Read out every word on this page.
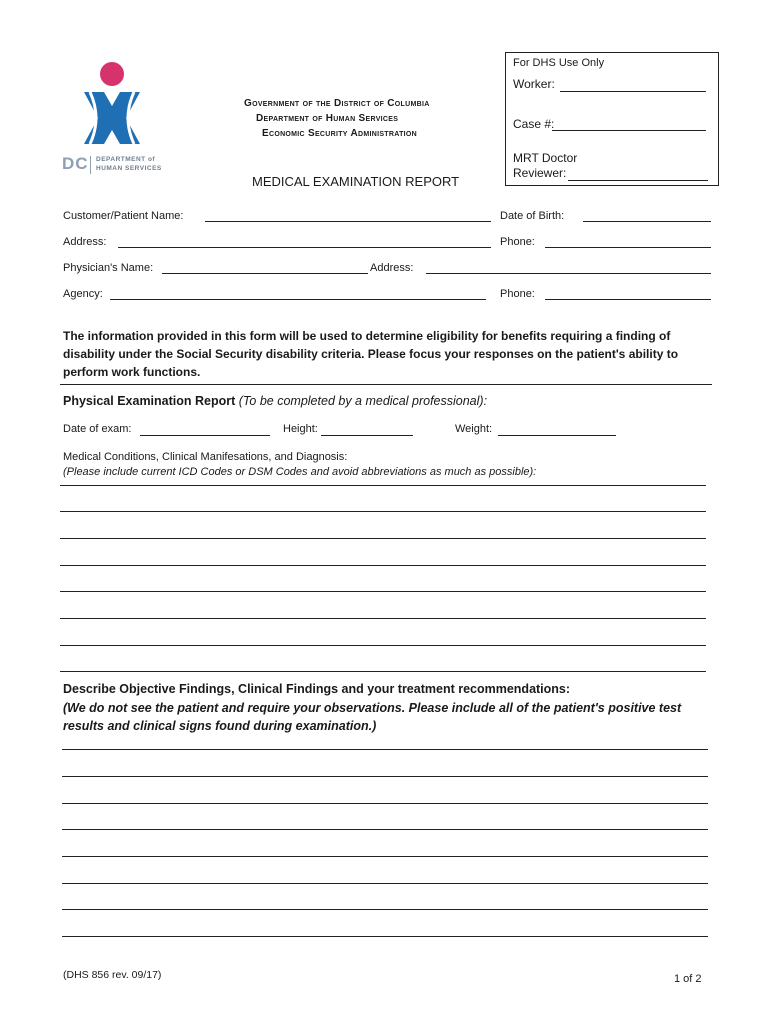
DC DEPARTMENT of
HUMAN SERVICES
Government of the District of Columbia
Department of Human Services
Economic Security Administration
MEDICAL EXAMINATION REPORT
For DHS Use Only
Worker:
Case #:
MRT Doctor
Reviewer:
Customer/Patient Name:	Date of Birth:
Address:	Phone:
Physician's Name:	Address:
Agency:	Phone:
The information provided in this form will be used to determine eligibility for benefits requiring a finding of disability under the Social Security disability criteria. Please focus your responses on the patient's ability to perform work functions.
Physical Examination Report (To be completed by a medical professional):
Date of exam:	Height:	Weight:
Medical Conditions, Clinical Manifesations, and Diagnosis:
(Please include current ICD Codes or DSM Codes and avoid abbreviations as much as possible):
Describe Objective Findings, Clinical Findings and your treatment recommendations:
(We do not see the patient and require your observations. Please include all of the patient's positive test results and clinical signs found during examination.)
(DHS 856 rev. 09/17)	1 of 2
